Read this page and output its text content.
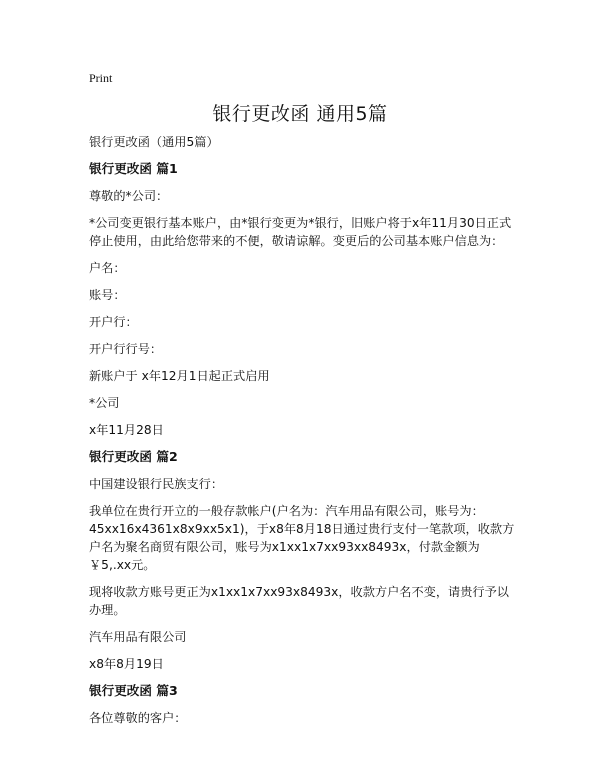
Print
银行更改函 通用5篇

银行更改函（通用5篇）

银行更改函 篇1

尊敬的*公司：

*公司变更银行基本账户，由*银行变更为*银行，旧账户将于x年11月30日正式停止使用，由此给您带来的不便，敬请谅解。变更后的公司基本账户信息为：

户名：

账号：

开户行：

开户行行号：

新账户于 x年12月1日起正式启用

*公司

x年11月28日

银行更改函 篇2

中国建设银行民族支行：

我单位在贵行开立的一般存款帐户(户名为：汽车用品有限公司，账号为：45xx16x4361x8x9xx5x1)，于x8年8月18日通过贵行支付一笔款项，收款方户名为聚名商贸有限公司，账号为x1xx1x7xx93xx8493x，付款金额为￥5,.xx元。

现将收款方账号更正为x1xx1x7xx93x8493x，收款方户名不变，请贵行予以办理。

汽车用品有限公司

x8年8月19日

银行更改函 篇3

各位尊敬的客户：
